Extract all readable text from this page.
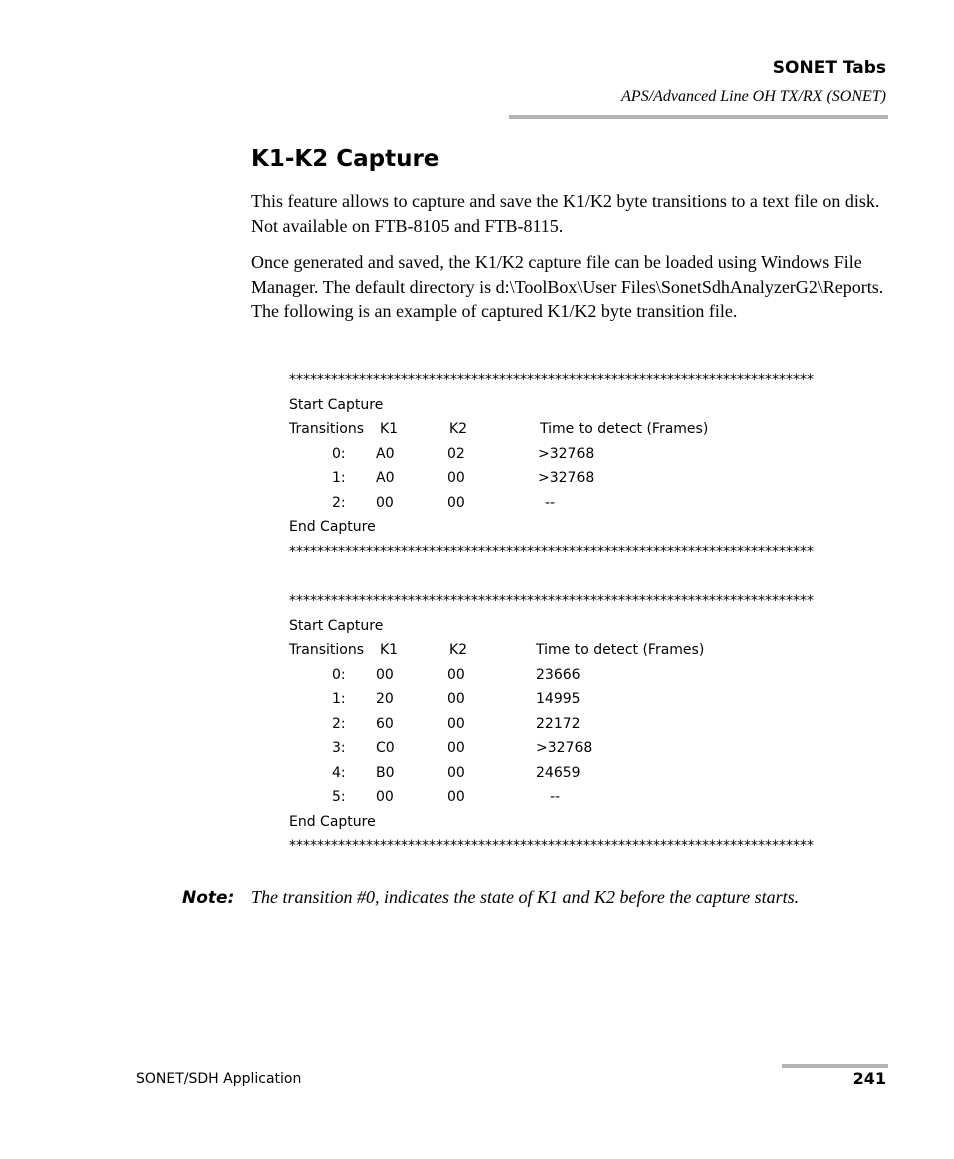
SONET Tabs
APS/Advanced Line OH TX/RX (SONET)
K1-K2 Capture
This feature allows to capture and save the K1/K2 byte transitions to a text file on disk. Not available on FTB-8105 and FTB-8115.
Once generated and saved, the K1/K2 capture file can be loaded using Windows File Manager. The default directory is d:\ToolBox\User Files\SonetSdhAnalyzerG2\Reports. The following is an example of captured K1/K2 byte transition file.
***************************************************************************
Start Capture
Transitions K1	K2	Time to detect (Frames)
0: A0	02	>32768
1: A0	00	>32768
2: 00	00	--
End Capture
***************************************************************************
***************************************************************************
Start Capture
Transitions K1	K2	Time to detect (Frames)
0: 00	00	23666
1: 20	00	14995
2: 60	00	22172
3: C0	00	>32768
4: B0	00	24659
5: 00	00	--
End Capture
***************************************************************************
Note: The transition #0, indicates the state of K1 and K2 before the capture starts.
SONET/SDH Application	241
